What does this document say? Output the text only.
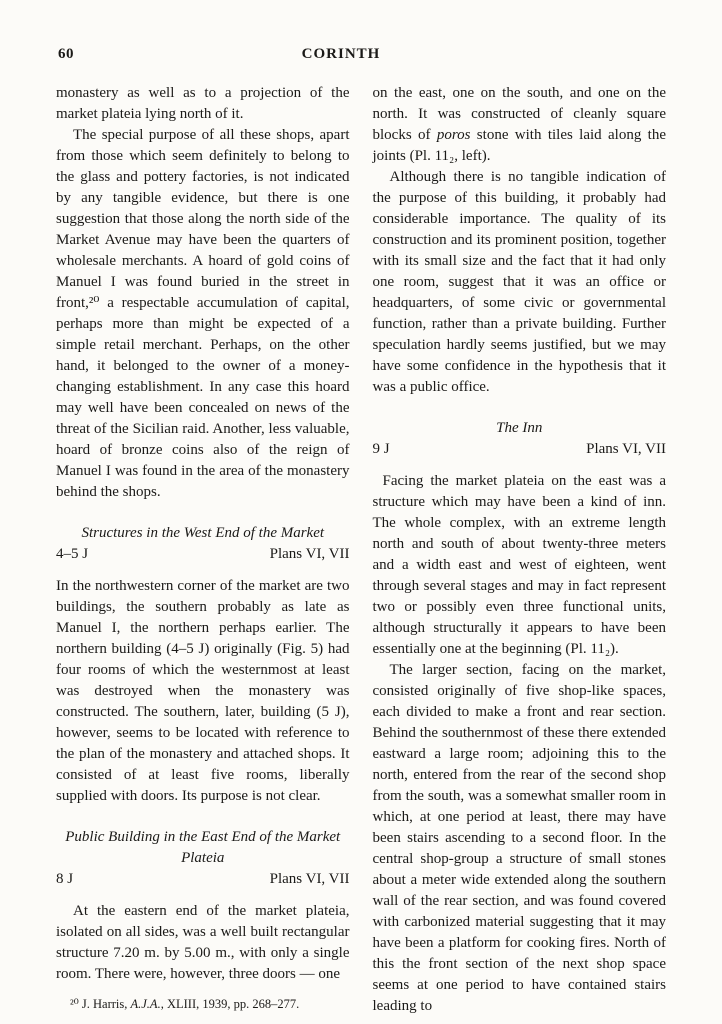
60	CORINTH

monastery as well as to a projection of the market plateia lying north of it.

The special purpose of all these shops, apart from those which seem definitely to belong to the glass and pottery factories, is not indicated by any tangible evidence, but there is one suggestion that those along the north side of the Market Avenue may have been the quarters of wholesale merchants. A hoard of gold coins of Manuel I was found buried in the street in front,²⁰ a respectable accumulation of capital, perhaps more than might be expected of a simple retail merchant. Perhaps, on the other hand, it belonged to the owner of a money-changing establishment. In any case this hoard may well have been concealed on news of the threat of the Sicilian raid. Another, less valuable, hoard of bronze coins also of the reign of Manuel I was found in the area of the monastery behind the shops.

Structures in the West End of the Market
4–5 J	Plans VI, VII

In the northwestern corner of the market are two buildings, the southern probably as late as Manuel I, the northern perhaps earlier. The northern building (4–5 J) originally (Fig. 5) had four rooms of which the westernmost at least was destroyed when the monastery was constructed. The southern, later, building (5 J), however, seems to be located with reference to the plan of the monastery and attached shops. It consisted of at least five rooms, liberally supplied with doors. Its purpose is not clear.

Public Building in the East End of the Market Plateia
8 J	Plans VI, VII

At the eastern end of the market plateia, isolated on all sides, was a well built rectangular structure 7.20 m. by 5.00 m., with only a single room. There were, however, three doors — one

²⁰ J. Harris, A.J.A., XLIII, 1939, pp. 268–277.

on the east, one on the south, and one on the north. It was constructed of cleanly square blocks of poros stone with tiles laid along the joints (Pl. 11₂, left).

Although there is no tangible indication of the purpose of this building, it probably had considerable importance. The quality of its construction and its prominent position, together with its small size and the fact that it had only one room, suggest that it was an office or headquarters, of some civic or governmental function, rather than a private building. Further speculation hardly seems justified, but we may have some confidence in the hypothesis that it was a public office.

The Inn
9 J	Plans VI, VII

Facing the market plateia on the east was a structure which may have been a kind of inn. The whole complex, with an extreme length north and south of about twenty-three meters and a width east and west of eighteen, went through several stages and may in fact represent two or possibly even three functional units, although structurally it appears to have been essentially one at the beginning (Pl. 11₂).

The larger section, facing on the market, consisted originally of five shop-like spaces, each divided to make a front and rear section. Behind the southernmost of these there extended eastward a large room; adjoining this to the north, entered from the rear of the second shop from the south, was a somewhat smaller room in which, at one period at least, there may have been stairs ascending to a second floor. In the central shop-group a structure of small stones about a meter wide extended along the southern wall of the rear section, and was found covered with carbonized material suggesting that it may have been a platform for cooking fires. North of this the front section of the next shop space seems at one period to have contained stairs leading to
